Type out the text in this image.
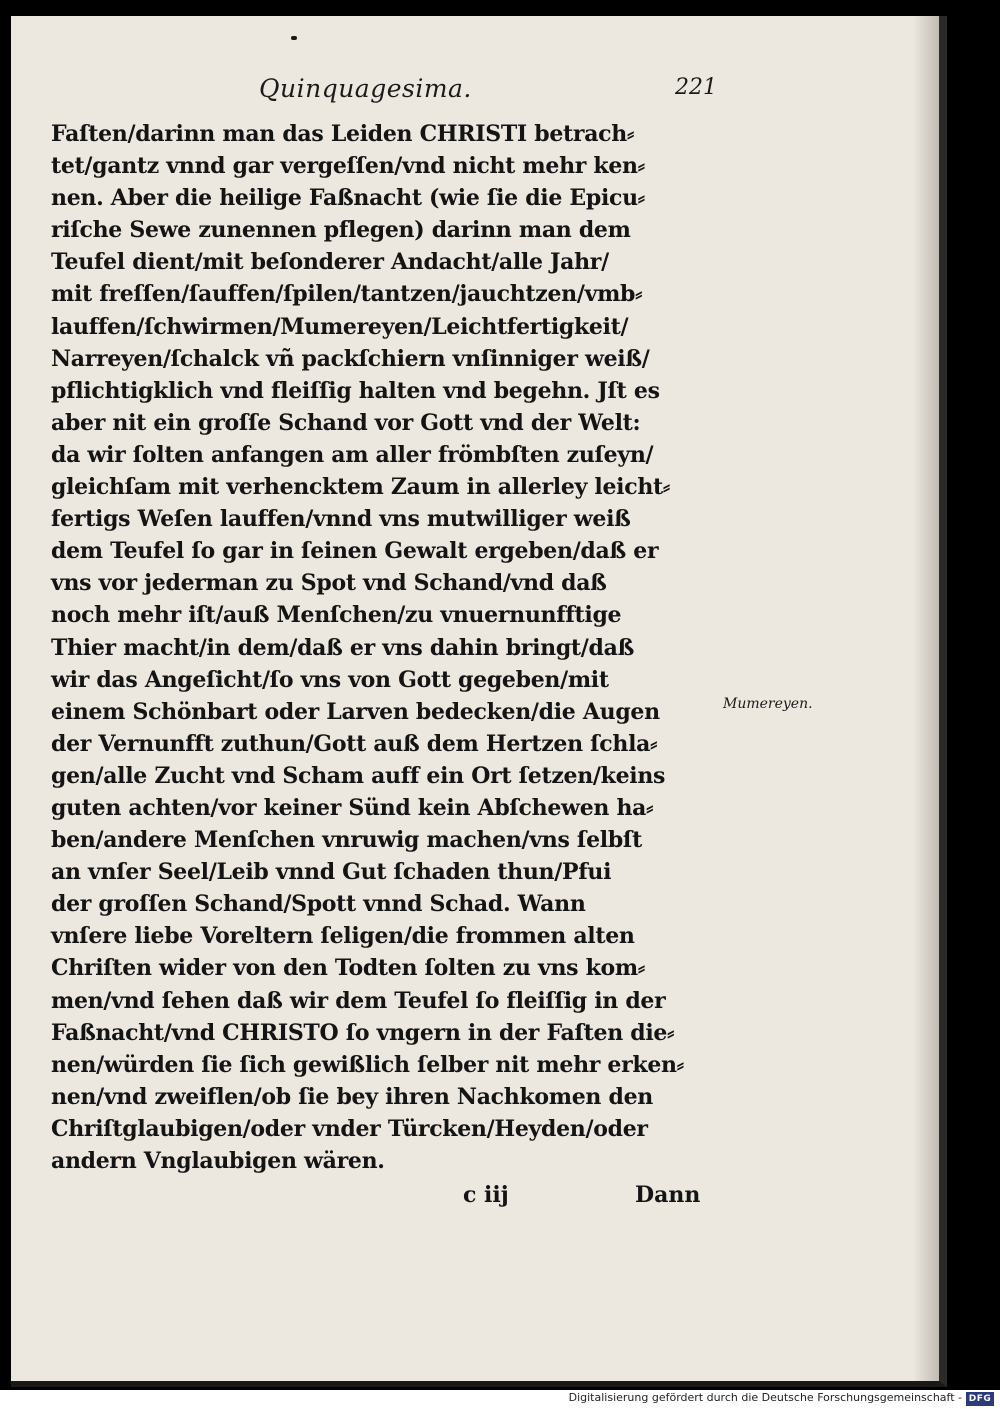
Quinquagesima.	221
Faſten/darinn man das Leiden CHRISTI betrach⸗
tet/gantz vnnd gar vergeſſen/vnd nicht mehr ken⸗
nen. Aber die heilige Faßnacht (wie ſie die Epicu⸗
riſche Sewe zunennen pflegen) darinn man dem
Teufel dient/mit beſonderer Andacht/alle Jahr/
mit freſſen/ſauffen/ſpilen/tantzen/jauchtzen/vmb⸗
lauffen/ſchwirmen/Mumereyen/Leichtfertigkeit/
Narreyen/ſchalck vñ packſchiern vnſinniger weiß/
pflichtigklich vnd fleiſſig halten vnd begehn. Jſt es
aber nit ein groſſe Schand vor Gott vnd der Welt:
da wir ſolten anfangen am aller frömbſten zuſeyn/
gleichſam mit verhencktem Zaum in allerley leicht⸗
fertigs Weſen lauffen/vnnd vns mutwilliger weiß
dem Teufel ſo gar in ſeinen Gewalt ergeben/daß er
vns vor jederman zu Spot vnd Schand/vnd daß
noch mehr iſt/auß Menſchen/zu vnuernunfftige
Thier macht/in dem/daß er vns dahin bringt/daß
wir das Angeſicht/ſo vns von Gott gegeben/mit
einem Schönbart oder Larven bedecken/die Augen
der Vernunfft zuthun/Gott auß dem Hertzen ſchla⸗
gen/alle Zucht vnd Scham auff ein Ort ſetzen/keins
guten achten/vor keiner Sünd kein Abſchewen ha⸗
ben/andere Menſchen vnruwig machen/vns ſelbſt
an vnſer Seel/Leib vnnd Gut ſchaden thun/Pfui
der groſſen Schand/Spott vnnd Schad. Wann
vnſere liebe Voreltern ſeligen/die frommen alten
Chriſten wider von den Todten ſolten zu vns kom⸗
men/vnd ſehen daß wir dem Teufel ſo fleiſſig in der
Faßnacht/vnd CHRISTO ſo vngern in der Faſten die⸗
nen/würden ſie ſich gewißlich ſelber nit mehr erken⸗
nen/vnd zweiflen/ob ſie bey ihren Nachkomen den
Chriſtglaubigen/oder vnder Türcken/Heyden/oder
andern Vnglaubigen wären.
Mumereyen.
c iij	Dann
Digitalisierung gefördert durch die Deutsche Forschungsgemeinschaft - DFG
